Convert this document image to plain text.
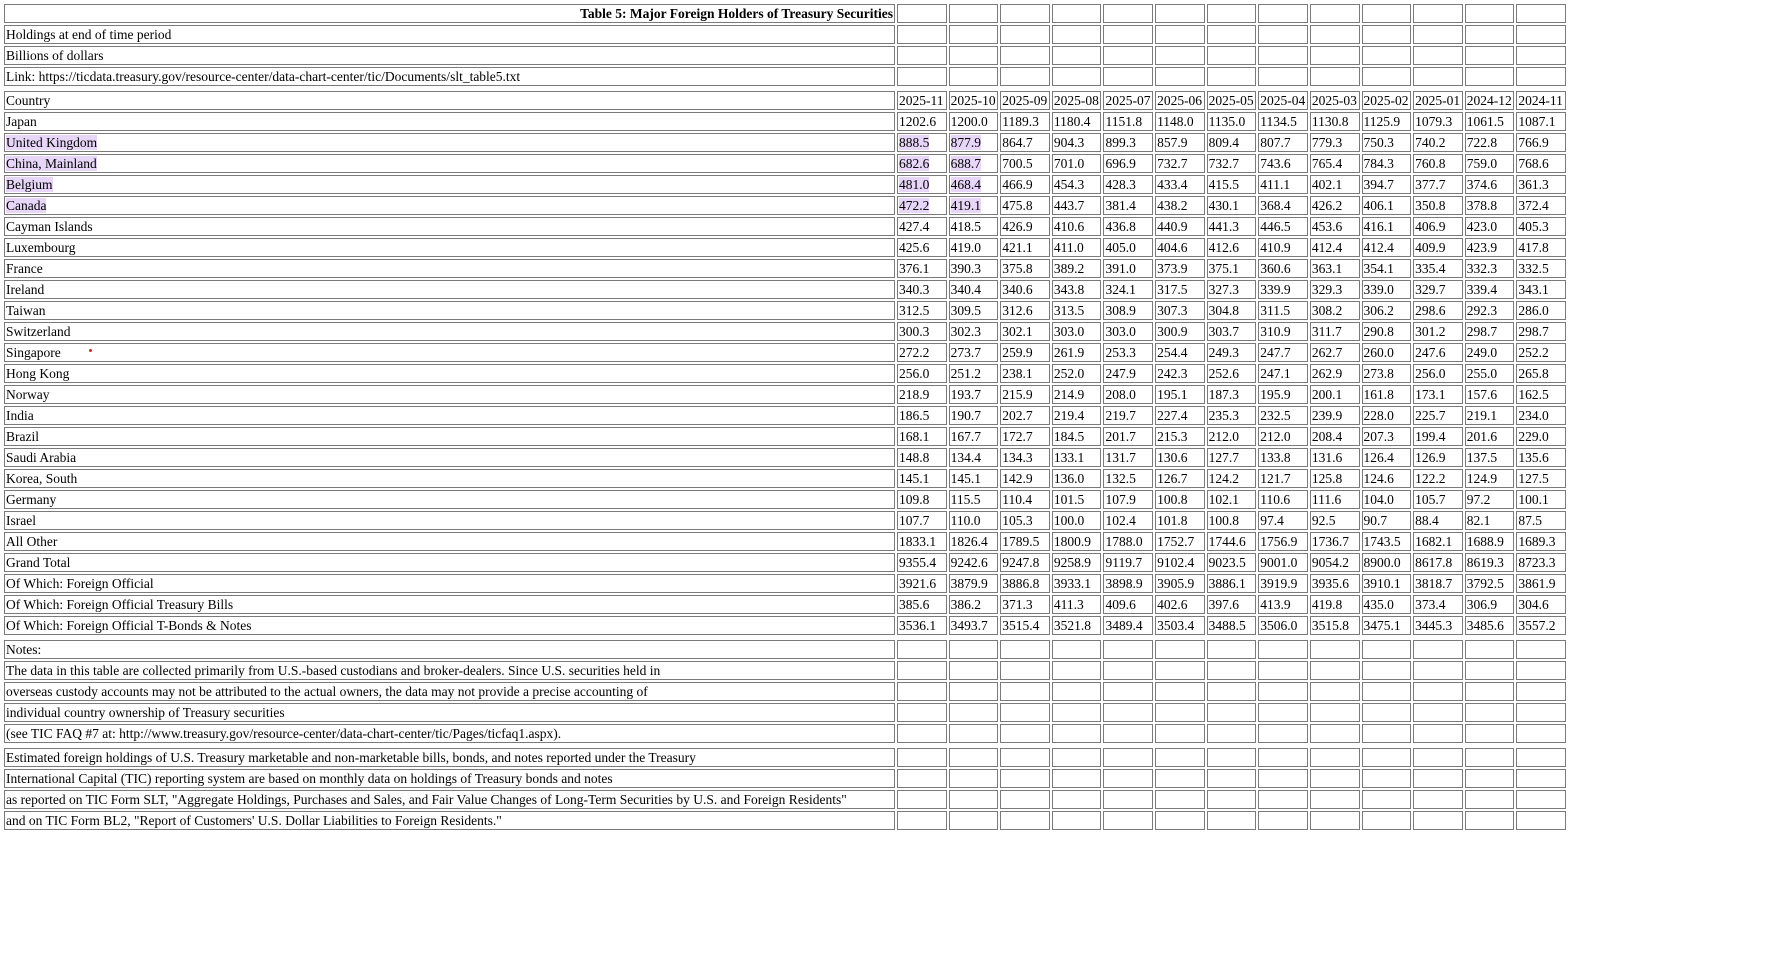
Table 5: Major Foreign Holders of Treasury Securities													
Holdings at end of time period													
Billions of dollars													
Link: https://ticdata.treasury.gov/resource-center/data-chart-center/tic/Documents/slt_table5.txt													

Country	2025-11	2025-10	2025-09	2025-08	2025-07	2025-06	2025-05	2025-04	2025-03	2025-02	2025-01	2024-12	2024-11
Japan	1202.6	1200.0	1189.3	1180.4	1151.8	1148.0	1135.0	1134.5	1130.8	1125.9	1079.3	1061.5	1087.1
United Kingdom	888.5	877.9	864.7	904.3	899.3	857.9	809.4	807.7	779.3	750.3	740.2	722.8	766.9
China, Mainland	682.6	688.7	700.5	701.0	696.9	732.7	732.7	743.6	765.4	784.3	760.8	759.0	768.6
Belgium	481.0	468.4	466.9	454.3	428.3	433.4	415.5	411.1	402.1	394.7	377.7	374.6	361.3
Canada	472.2	419.1	475.8	443.7	381.4	438.2	430.1	368.4	426.2	406.1	350.8	378.8	372.4
Cayman Islands	427.4	418.5	426.9	410.6	436.8	440.9	441.3	446.5	453.6	416.1	406.9	423.0	405.3
Luxembourg	425.6	419.0	421.1	411.0	405.0	404.6	412.6	410.9	412.4	412.4	409.9	423.9	417.8
France	376.1	390.3	375.8	389.2	391.0	373.9	375.1	360.6	363.1	354.1	335.4	332.3	332.5
Ireland	340.3	340.4	340.6	343.8	324.1	317.5	327.3	339.9	329.3	339.0	329.7	339.4	343.1
Taiwan	312.5	309.5	312.6	313.5	308.9	307.3	304.8	311.5	308.2	306.2	298.6	292.3	286.0
Switzerland	300.3	302.3	302.1	303.0	303.0	300.9	303.7	310.9	311.7	290.8	301.2	298.7	298.7
Singapore	272.2	273.7	259.9	261.9	253.3	254.4	249.3	247.7	262.7	260.0	247.6	249.0	252.2
Hong Kong	256.0	251.2	238.1	252.0	247.9	242.3	252.6	247.1	262.9	273.8	256.0	255.0	265.8
Norway	218.9	193.7	215.9	214.9	208.0	195.1	187.3	195.9	200.1	161.8	173.1	157.6	162.5
India	186.5	190.7	202.7	219.4	219.7	227.4	235.3	232.5	239.9	228.0	225.7	219.1	234.0
Brazil	168.1	167.7	172.7	184.5	201.7	215.3	212.0	212.0	208.4	207.3	199.4	201.6	229.0
Saudi Arabia	148.8	134.4	134.3	133.1	131.7	130.6	127.7	133.8	131.6	126.4	126.9	137.5	135.6
Korea, South	145.1	145.1	142.9	136.0	132.5	126.7	124.2	121.7	125.8	124.6	122.2	124.9	127.5
Germany	109.8	115.5	110.4	101.5	107.9	100.8	102.1	110.6	111.6	104.0	105.7	97.2	100.1
Israel	107.7	110.0	105.3	100.0	102.4	101.8	100.8	97.4	92.5	90.7	88.4	82.1	87.5
All Other	1833.1	1826.4	1789.5	1800.9	1788.0	1752.7	1744.6	1756.9	1736.7	1743.5	1682.1	1688.9	1689.3
Grand Total	9355.4	9242.6	9247.8	9258.9	9119.7	9102.4	9023.5	9001.0	9054.2	8900.0	8617.8	8619.3	8723.3
Of Which: Foreign Official	3921.6	3879.9	3886.8	3933.1	3898.9	3905.9	3886.1	3919.9	3935.6	3910.1	3818.7	3792.5	3861.9
Of Which: Foreign Official Treasury Bills	385.6	386.2	371.3	411.3	409.6	402.6	397.6	413.9	419.8	435.0	373.4	306.9	304.6
Of Which: Foreign Official T-Bonds & Notes	3536.1	3493.7	3515.4	3521.8	3489.4	3503.4	3488.5	3506.0	3515.8	3475.1	3445.3	3485.6	3557.2

Notes:													
The data in this table are collected primarily from U.S.-based custodians and broker-dealers. Since U.S. securities held in													
overseas custody accounts may not be attributed to the actual owners, the data may not provide a precise accounting of													
individual country ownership of Treasury securities													
(see TIC FAQ #7 at: http://www.treasury.gov/resource-center/data-chart-center/tic/Pages/ticfaq1.aspx).													

Estimated foreign holdings of U.S. Treasury marketable and non-marketable bills, bonds, and notes reported under the Treasury													
International Capital (TIC) reporting system are based on monthly data on holdings of Treasury bonds and notes													
as reported on TIC Form SLT, "Aggregate Holdings, Purchases and Sales, and Fair Value Changes of Long-Term Securities by U.S. and Foreign Residents"													
and on TIC Form BL2, "Report of Customers' U.S. Dollar Liabilities to Foreign Residents."													
